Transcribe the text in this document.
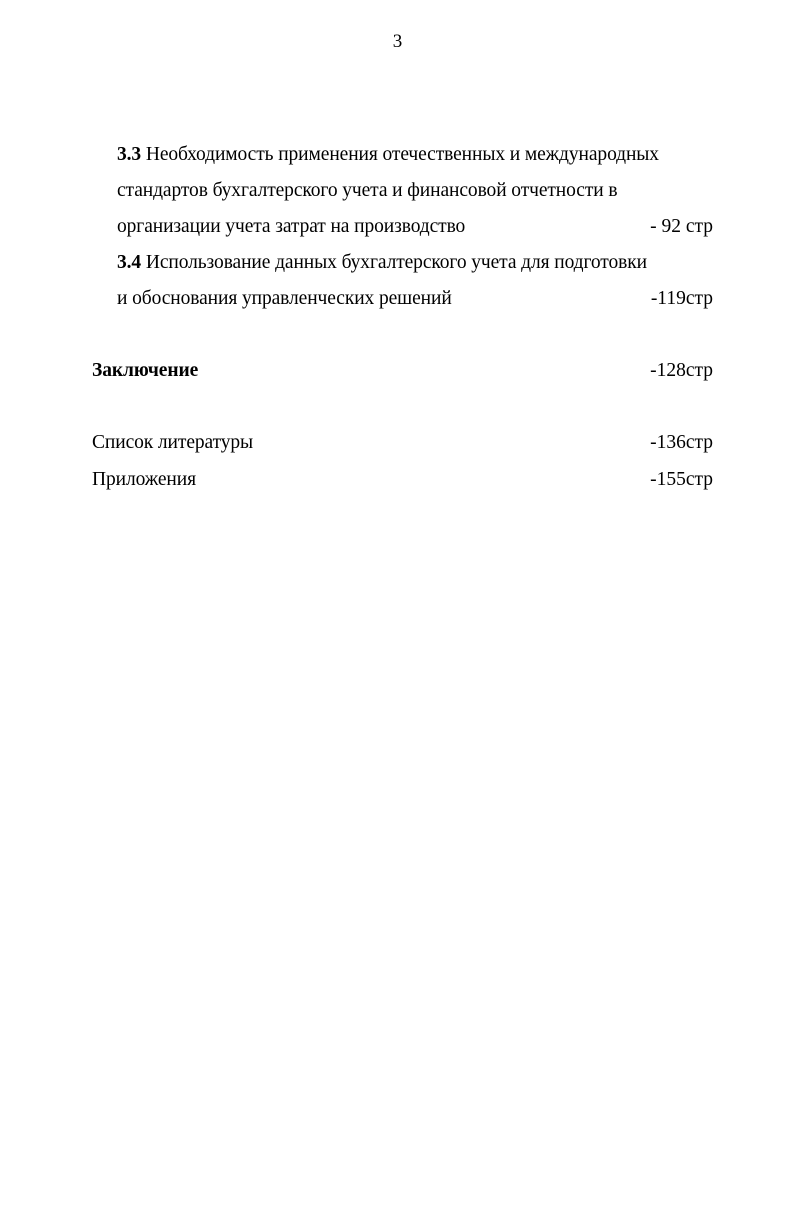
3
3.3 Необходимость применения отечественных и международных
стандартов бухгалтерского учета и финансовой отчетности в
организации учета затрат на производство	- 92 стр
3.4 Использование данных бухгалтерского учета для подготовки
и обоснования управленческих решений	-119стр
Заключение	-128стр
Список литературы	-136стр
Приложения	-155стр
